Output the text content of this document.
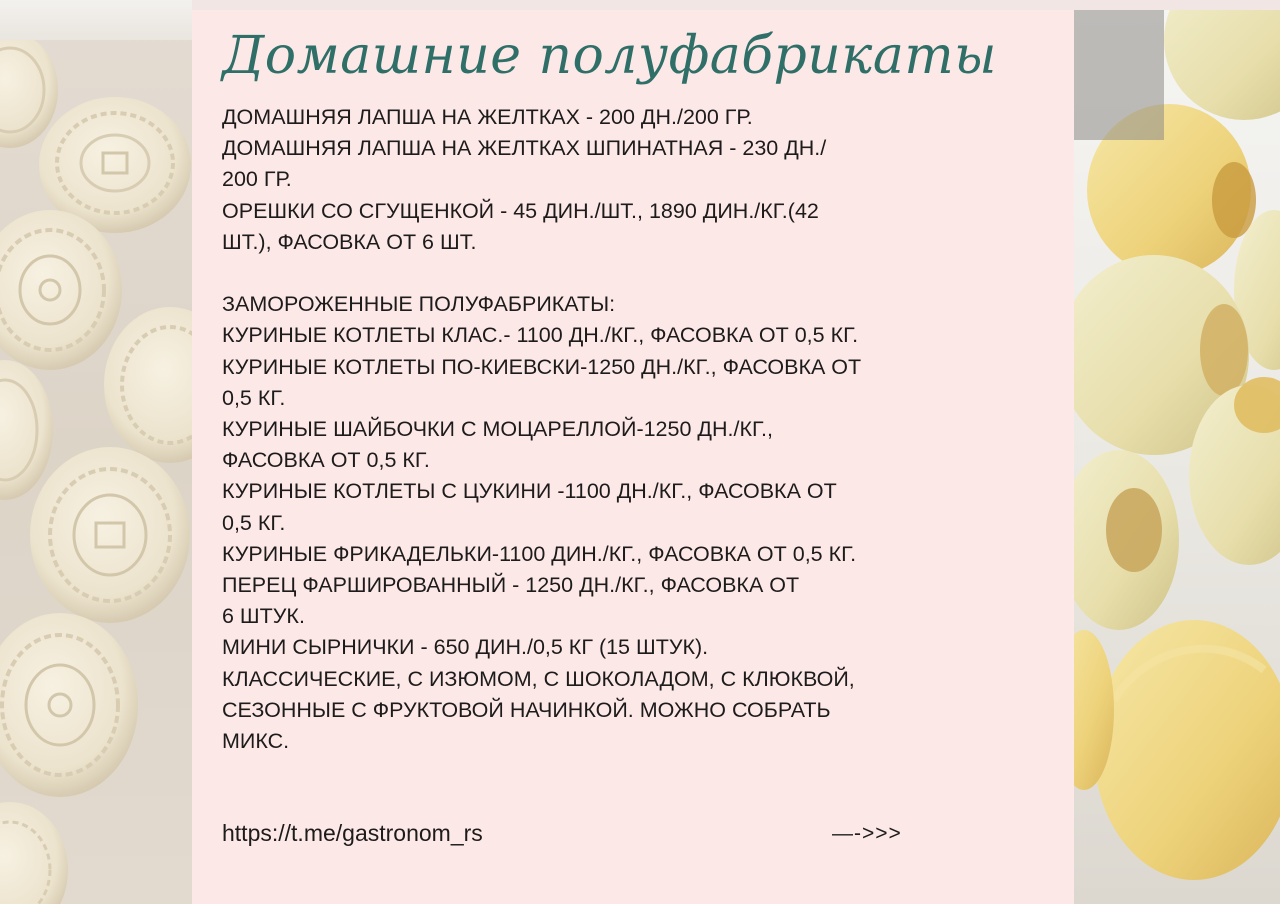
Домашние полуфабрикаты
ДОМАШНЯЯ ЛАПША НА ЖЕЛТКАХ - 200 ДН./200 ГР.
ДОМАШНЯЯ ЛАПША НА ЖЕЛТКАХ ШПИНАТНАЯ - 230 ДН./
200 ГР.
ОРЕШКИ СО СГУЩЕНКОЙ - 45 ДИН./ШТ., 1890 ДИН./КГ.(42
ШТ.), ФАСОВКА ОТ 6 ШТ.
ЗАМОРОЖЕННЫЕ ПОЛУФАБРИКАТЫ:
КУРИНЫЕ КОТЛЕТЫ КЛАС.- 1100 ДН./КГ., ФАСОВКА ОТ 0,5 КГ.
КУРИНЫЕ КОТЛЕТЫ ПО-КИЕВСКИ-1250 ДН./КГ., ФАСОВКА ОТ
0,5 КГ.
КУРИНЫЕ ШАЙБОЧКИ С МОЦАРЕЛЛОЙ-1250 ДН./КГ.,
ФАСОВКА ОТ 0,5 КГ.
КУРИНЫЕ КОТЛЕТЫ С ЦУКИНИ -1100 ДН./КГ., ФАСОВКА ОТ
0,5 КГ.
КУРИНЫЕ ФРИКАДЕЛЬКИ-1100 ДИН./КГ., ФАСОВКА ОТ 0,5 КГ.
ПЕРЕЦ ФАРШИРОВАННЫЙ - 1250 ДН./КГ., ФАСОВКА ОТ
6 ШТУК.
МИНИ СЫРНИЧКИ - 650 ДИН./0,5 КГ (15 ШТУК).
КЛАССИЧЕСКИЕ, С ИЗЮМОМ, С ШОКОЛАДОМ, С КЛЮКВОЙ,
СЕЗОННЫЕ С ФРУКТОВОЙ НАЧИНКОЙ. МОЖНО СОБРАТЬ
МИКС.
https://t.me/gastronom_rs	—->>>
